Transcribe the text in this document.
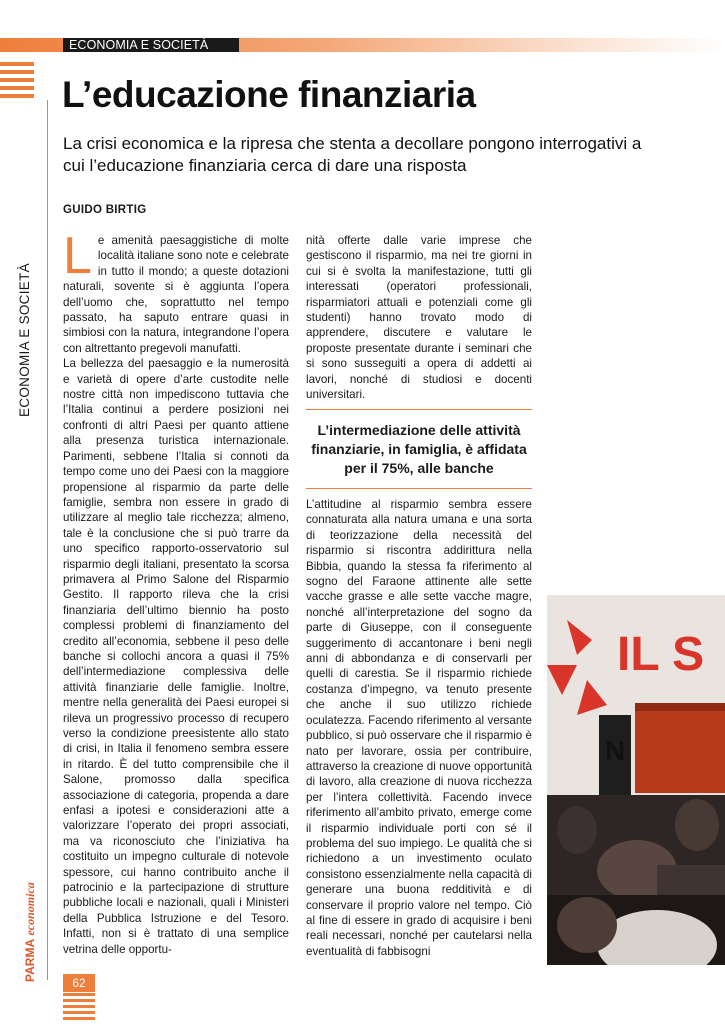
ECONOMIA E SOCIETÀ
ECONOMIA E SOCIETÀ
PARMA economica
62
L’educazione finanziaria
La crisi economica e la ripresa che stenta a decollare pongono interrogativi a cui l’educazione finanziaria cerca di dare una risposta
GUIDO BIRTIG
L e amenità paesaggistiche di molte località italiane sono note e celebrate in tutto il mondo; a queste dotazioni naturali, sovente si è aggiunta l’opera dell’uomo che, soprattutto nel tempo passato, ha saputo entrare quasi in simbiosi con la natura, integrandone l’opera con altrettanto pregevoli manufatti.

La bellezza del paesaggio e la numerosità e varietà di opere d’arte custodite nelle nostre città non impediscono tuttavia che l’Italia continui a perdere posizioni nei confronti di altri Paesi per quanto attiene alla presenza turistica internazionale. Parimenti, sebbene l’Italia si connoti da tempo come uno dei Paesi con la maggiore propensione al risparmio da parte delle famiglie, sembra non essere in grado di utilizzare al meglio tale ricchezza; almeno, tale è la conclusione che si può trarre da uno specifico rapporto-osservatorio sul risparmio degli italiani, presentato la scorsa primavera al Primo Salone del Risparmio Gestito. Il rapporto rileva che la crisi finanziaria dell’ultimo biennio ha posto complessi problemi di finanziamento del credito all’economia, sebbene il peso delle banche si collochi ancora a quasi il 75% dell’intermediazione complessiva delle attività finanziarie delle famiglie. Inoltre, mentre nella generalità dei Paesi europei si rileva un progressivo processo di recupero verso la condizione preesistente allo stato di crisi, in Italia il fenomeno sembra essere in ritardo. È del tutto comprensibile che il Salone, promosso dalla specifica associazione di categoria, propenda a dare enfasi a ipotesi e considerazioni atte a valorizzare l’operato dei propri associati, ma va riconosciuto che l’iniziativa ha costituito un impegno culturale di notevole spessore, cui hanno contribuito anche il patrocinio e la partecipazione di strutture pubbliche locali e nazionali, quali i Ministeri della Pubblica Istruzione e del Tesoro. Infatti, non si è trattato di una semplice vetrina delle opportu-

nità offerte dalle varie imprese che gestiscono il risparmio, ma nei tre giorni in cui si è svolta la manifestazione, tutti gli interessati (operatori professionali, risparmiatori attuali e potenziali come gli studenti) hanno trovato modo di apprendere, discutere e valutare le proposte presentate durante i seminari che si sono susseguiti a opera di addetti ai lavori, nonché di studiosi e docenti universitari.

L’intermediazione delle attività finanziarie, in famiglia, è affidata per il 75%, alle banche

L’attitudine al risparmio sembra essere connaturata alla natura umana e una sorta di teorizzazione della necessità del risparmio si riscontra addirittura nella Bibbia, quando la stessa fa riferimento al sogno del Faraone attinente alle sette vacche grasse e alle sette vacche magre, nonché all’interpretazione del sogno da parte di Giuseppe, con il conseguente suggerimento di accantonare i beni negli anni di abbondanza e di conservarli per quelli di carestia. Se il risparmio richiede costanza d’impegno, va tenuto presente che anche il suo utilizzo richiede oculatezza. Facendo riferimento al versante pubblico, si può osservare che il risparmio è nato per lavorare, ossia per contribuire, attraverso la creazione di nuove opportunità di lavoro, alla creazione di nuova ricchezza per l’intera collettività. Facendo invece riferimento all’ambito privato, emerge come il risparmio individuale porti con sé il problema del suo impiego. Le qualità che si richiedono a un investimento oculato consistono essenzialmente nella capacità di generare una buona redditività e di conservare il proprio valore nel tempo. Ciò al fine di essere in grado di acquisire i beni reali necessari, nonché per cautelarsi nella eventualità di fabbisogni

IL S
N
